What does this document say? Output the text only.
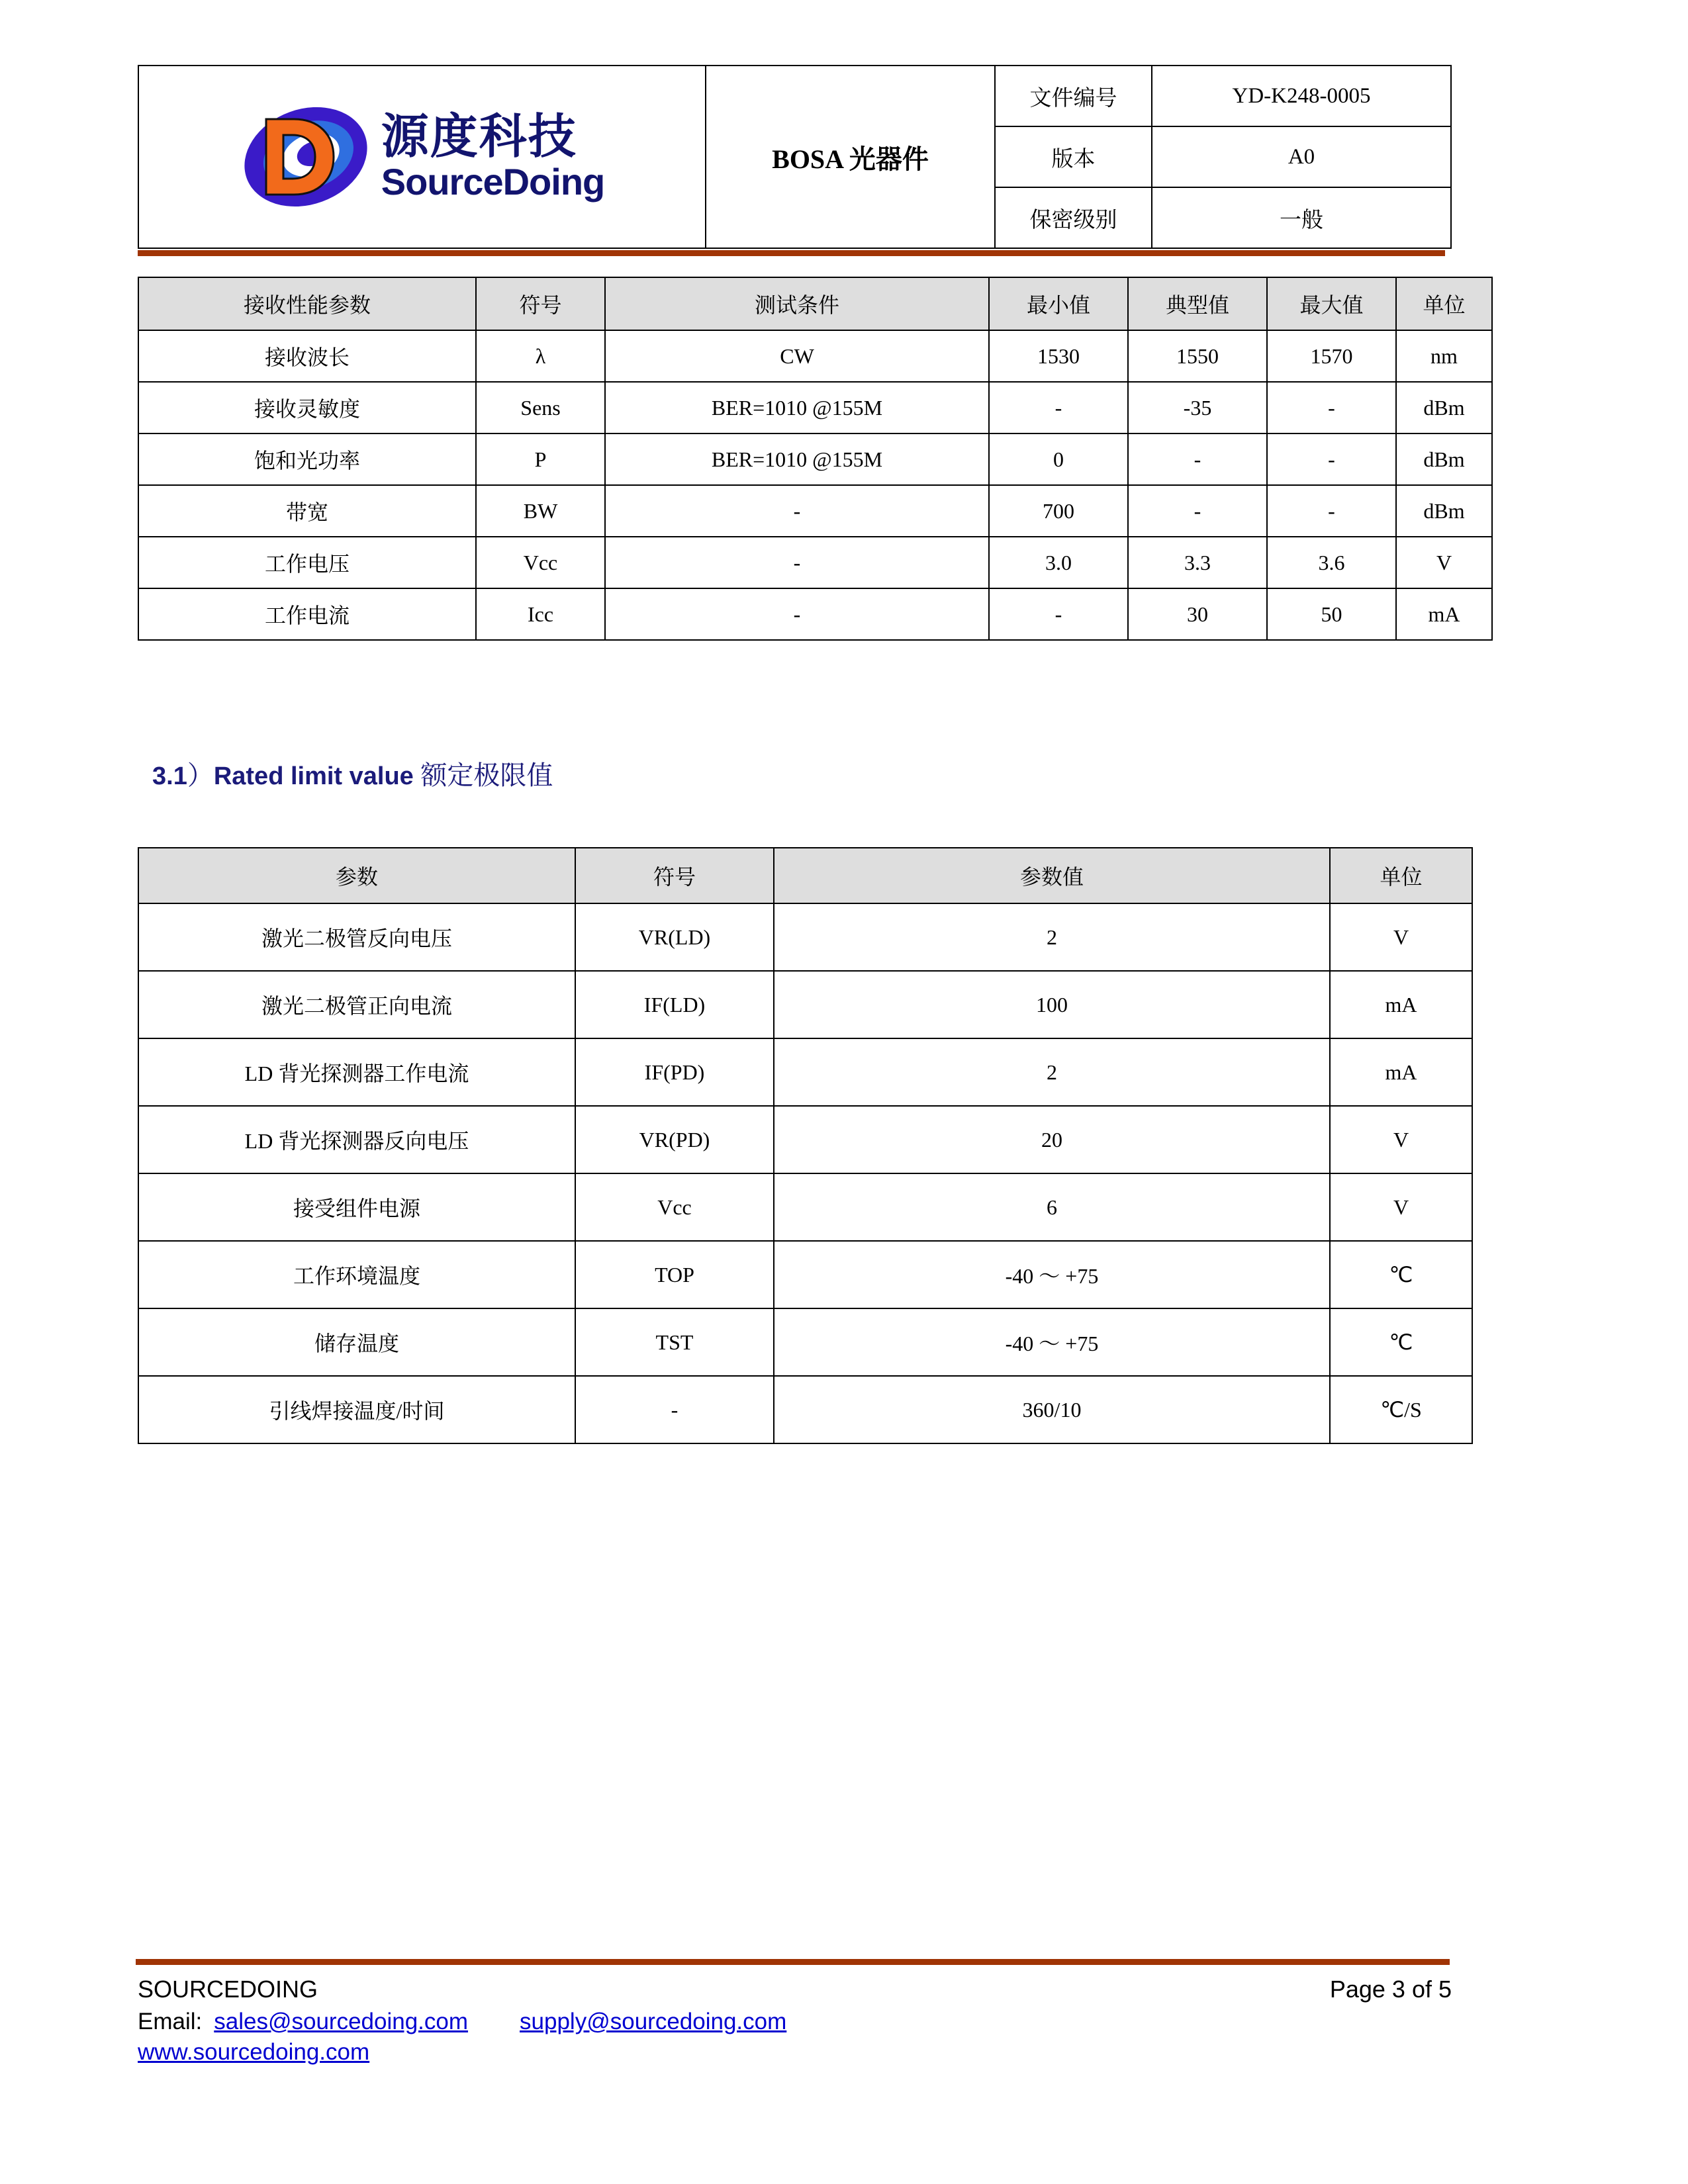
源度科技
SourceDoing	BOSA 光器件	文件编号	YD-K248-0005
		版本	A0
		保密级别	一般
接收性能参数	符号	测试条件	最小值	典型值	最大值	单位
接收波长	λ	CW	1530	1550	1570	nm
接收灵敏度	Sens	BER=1010 @155M	-	-35	-	dBm
饱和光功率	P	BER=1010 @155M	0	-	-	dBm
带宽	BW	-	700	-	-	dBm
工作电压	Vcc	-	3.0	3.3	3.6	V
工作电流	Icc	-	-	30	50	mA
3.1）Rated limit value 额定极限值
参数	符号	参数值	单位
激光二极管反向电压	VR(LD)	2	V
激光二极管正向电流	IF(LD)	100	mA
LD 背光探测器工作电流	IF(PD)	2	mA
LD 背光探测器反向电压	VR(PD)	20	V
接受组件电源	Vcc	6	V
工作环境温度	TOP	-40 ～ +75	℃
储存温度	TST	-40 ～ +75	℃
引线焊接温度/时间	-	360/10	℃/S
SOURCEDOING	Page 3 of 5
Email: sales@sourcedoing.com supply@sourcedoing.com
www.sourcedoing.com
